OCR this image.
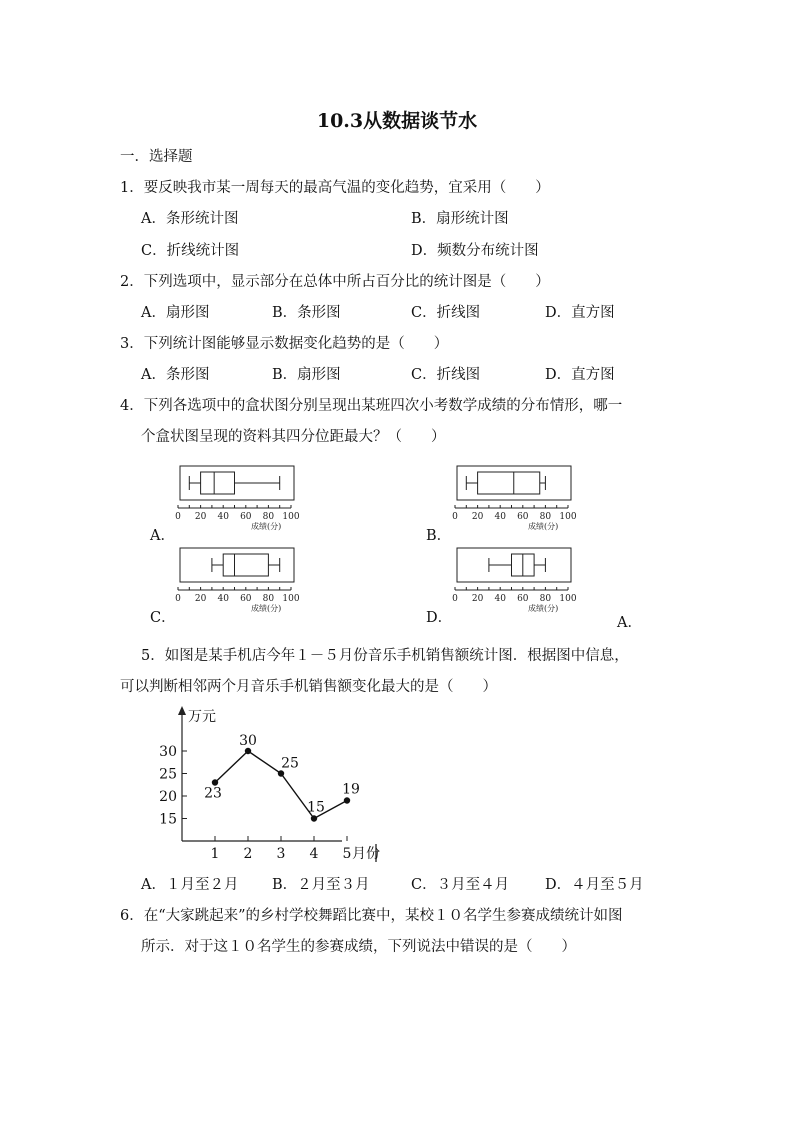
10.3从数据谈节水
一．选择题
1．要反映我市某一周每天的最高气温的变化趋势，宜采用（　　）
A．条形统计图	B．扇形统计图
C．折线统计图	D．频数分布统计图
2．下列选项中，显示部分在总体中所占百分比的统计图是（　　）
A．扇形图	B．条形图	C．折线图	D．直方图
3．下列统计图能够显示数据变化趋势的是（　　）
A．条形图	B．扇形图	C．折线图	D．直方图
4．下列各选项中的盒状图分别呈现出某班四次小考数学成绩的分布情形，哪一
个盒状图呈现的资料其四分位距最大？（　　）
0 20 40 60 80 100
成绩(分)
0 20 40 60 80 100
成绩(分)
0 20 40 60 80 100
成绩(分)
0 20 40 60 80 100
成绩(分)
A．	B．
C．	D．	A．
5．如图是某手机店今年１－５月份音乐手机销售额统计图．根据图中信息，
可以判断相邻两个月音乐手机销售额变化最大的是（　　）
万元
月份
15
20
25
30
1 2 3 4 5
23
30
25
15
19
A．１月至２月 B．２月至３月	C．３月至４月 D．４月至５月
6．在“大家跳起来”的乡村学校舞蹈比赛中，某校１０名学生参赛成绩统计如图
所示．对于这１０名学生的参赛成绩，下列说法中错误的是（　　）
